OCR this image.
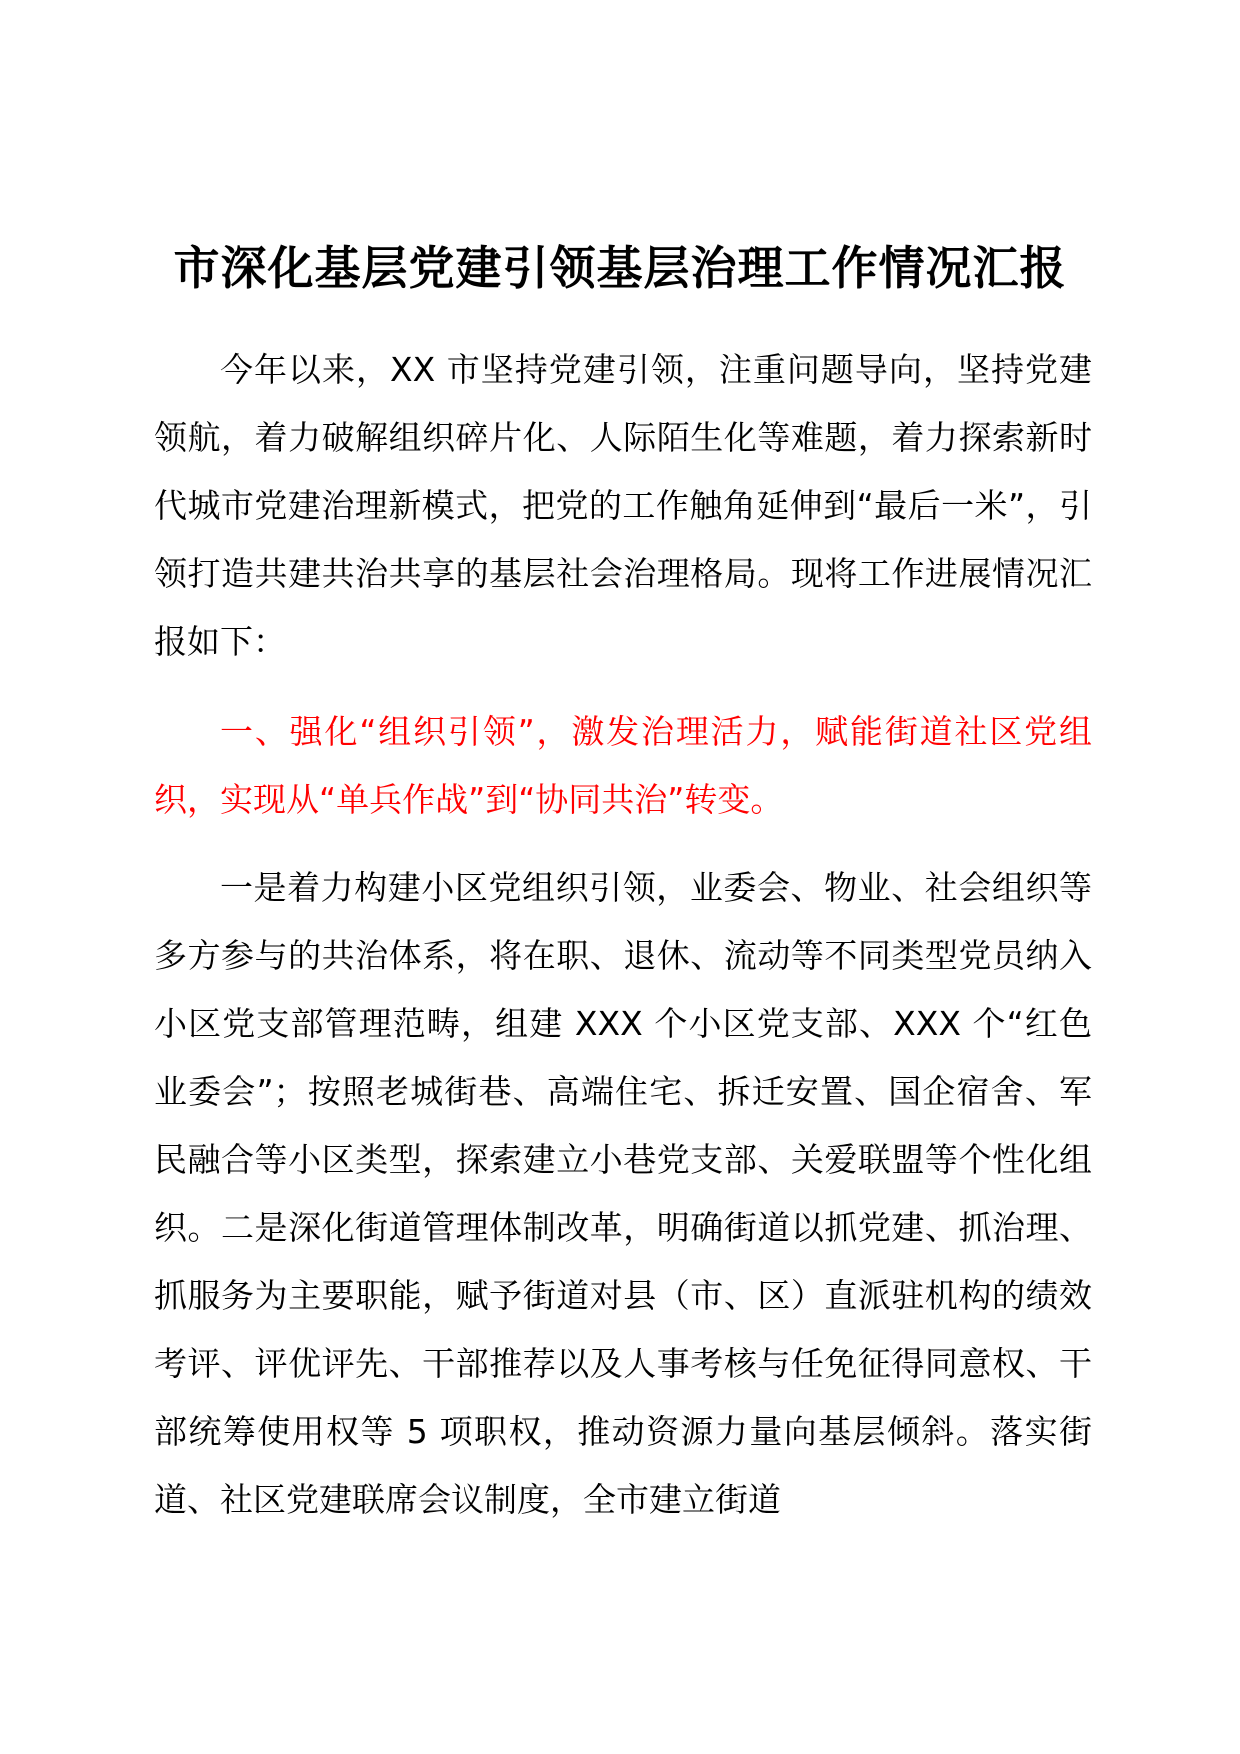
市深化基层党建引领基层治理工作情况汇报

今年以来，XX 市坚持党建引领，注重问题导向，坚持党建领航，着力破解组织碎片化、人际陌生化等难题，着力探索新时代城市党建治理新模式，把党的工作触角延伸到“最后一米”，引领打造共建共治共享的基层社会治理格局。现将工作进展情况汇报如下：

一、强化“组织引领”，激发治理活力，赋能街道社区党组织，实现从“单兵作战”到“协同共治”转变。

一是着力构建小区党组织引领，业委会、物业、社会组织等多方参与的共治体系，将在职、退休、流动等不同类型党员纳入小区党支部管理范畴，组建 XXX 个小区党支部、XXX 个“红色业委会”；按照老城街巷、高端住宅、拆迁安置、国企宿舍、军民融合等小区类型，探索建立小巷党支部、关爱联盟等个性化组织。二是深化街道管理体制改革，明确街道以抓党建、抓治理、抓服务为主要职能，赋予街道对县（市、区）直派驻机构的绩效考评、评优评先、干部推荐以及人事考核与任免征得同意权、干部统筹使用权等 5 项职权，推动资源力量向基层倾斜。落实街道、社区党建联席会议制度，全市建立街道
